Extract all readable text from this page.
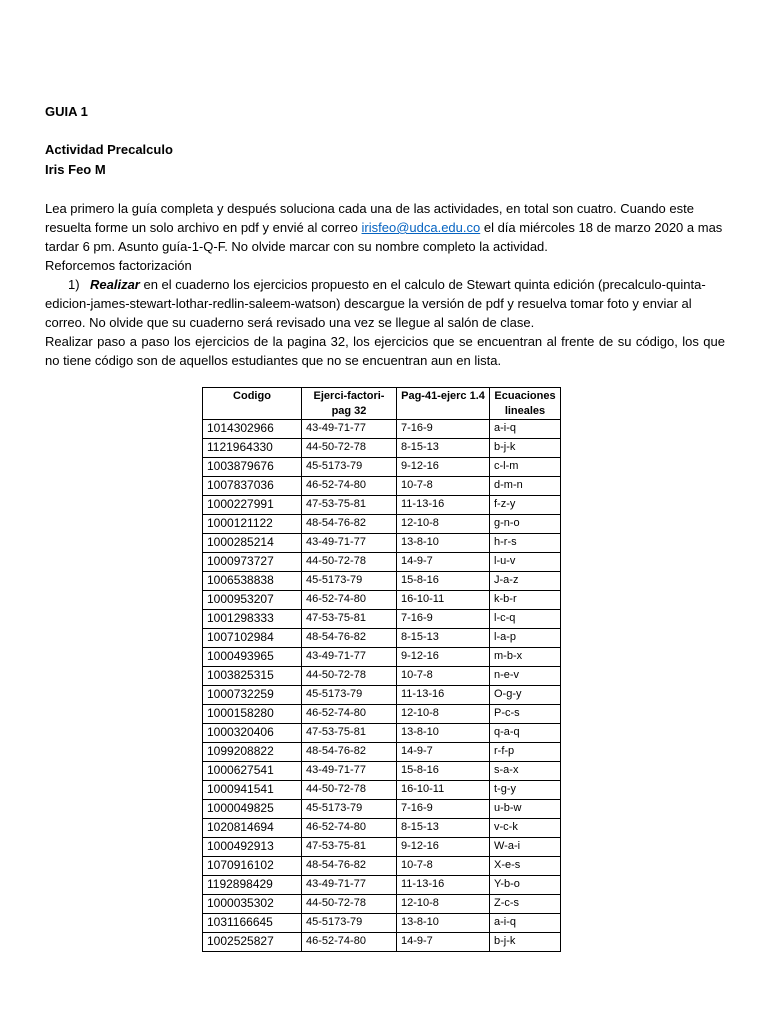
GUIA 1

Actividad Precalculo

Iris Feo M

Lea primero la guía completa y después soluciona cada una de las actividades, en total son cuatro. Cuando este resuelta forme un solo archivo en pdf y envié al correo irisfeo@udca.edu.co el día miércoles 18 de marzo 2020 a mas tardar 6 pm. Asunto guía-1-Q-F. No olvide marcar con su nombre completo la actividad.
Reforcemos factorización

1) Realizar en el cuaderno los ejercicios propuesto en el calculo de Stewart quinta edición (precalculo-quinta-edicion-james-stewart-lothar-redlin-saleem-watson) descargue la versión de pdf y resuelva tomar foto y enviar al correo. No olvide que su cuaderno será revisado una vez se llegue al salón de clase.

Realizar paso a paso los ejercicios de la pagina 32, los ejercicios que se encuentran al frente de su código, los que no tiene código son de aquellos estudiantes que no se encuentran aun en lista.

Codigo	Ejerci-factori-pag 32	Pag-41-ejerc 1.4	Ecuaciones lineales
1014302966	43-49-71-77	7-16-9	a-i-q
1121964330	44-50-72-78	8-15-13	b-j-k
1003879676	45-5173-79	9-12-16	c-l-m
1007837036	46-52-74-80	10-7-8	d-m-n
1000227991	47-53-75-81	11-13-16	f-z-y
1000121122	48-54-76-82	12-10-8	g-n-o
1000285214	43-49-71-77	13-8-10	h-r-s
1000973727	44-50-72-78	14-9-7	l-u-v
1006538838	45-5173-79	15-8-16	J-a-z
1000953207	46-52-74-80	16-10-11	k-b-r
1001298333	47-53-75-81	7-16-9	l-c-q
1007102984	48-54-76-82	8-15-13	l-a-p
1000493965	43-49-71-77	9-12-16	m-b-x
1003825315	44-50-72-78	10-7-8	n-e-v
1000732259	45-5173-79	11-13-16	O-g-y
1000158280	46-52-74-80	12-10-8	P-c-s
1000320406	47-53-75-81	13-8-10	q-a-q
1099208822	48-54-76-82	14-9-7	r-f-p
1000627541	43-49-71-77	15-8-16	s-a-x
1000941541	44-50-72-78	16-10-11	t-g-y
1000049825	45-5173-79	7-16-9	u-b-w
1020814694	46-52-74-80	8-15-13	v-c-k
1000492913	47-53-75-81	9-12-16	W-a-i
1070916102	48-54-76-82	10-7-8	X-e-s
1192898429	43-49-71-77	11-13-16	Y-b-o
1000035302	44-50-72-78	12-10-8	Z-c-s
1031166645	45-5173-79	13-8-10	a-i-q
1002525827	46-52-74-80	14-9-7	b-j-k
